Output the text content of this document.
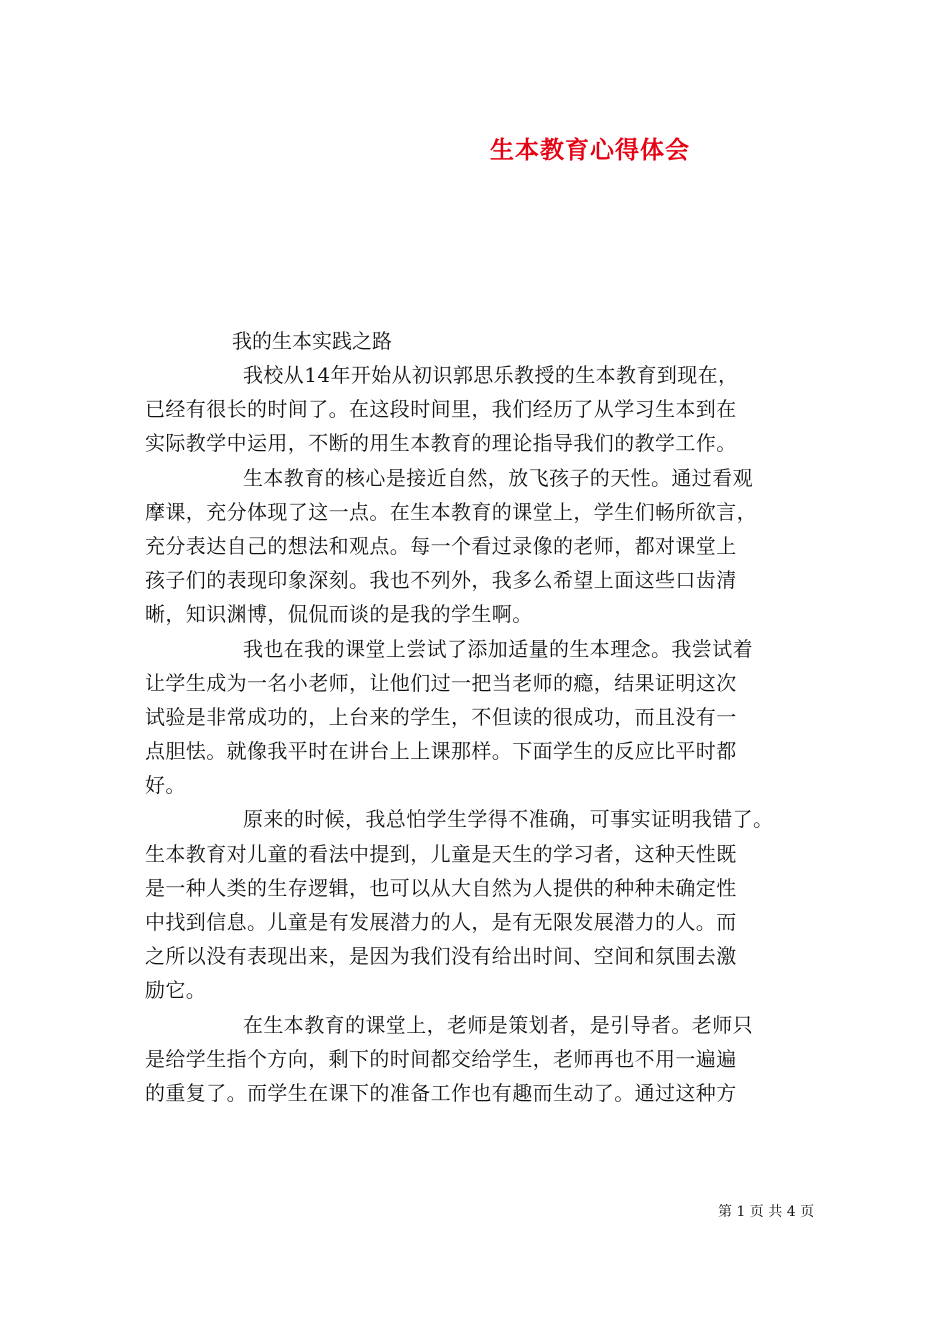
生本教育心得体会
我的生本实践之路
我校从14年开始从初识郭思乐教授的生本教育到现在，
已经有很长的时间了。在这段时间里，我们经历了从学习生本到在
实际教学中运用，不断的用生本教育的理论指导我们的教学工作。
生本教育的核心是接近自然，放飞孩子的天性。通过看观
摩课，充分体现了这一点。在生本教育的课堂上，学生们畅所欲言，
充分表达自己的想法和观点。每一个看过录像的老师，都对课堂上
孩子们的表现印象深刻。我也不列外，我多么希望上面这些口齿清
晰，知识渊博，侃侃而谈的是我的学生啊。
我也在我的课堂上尝试了添加适量的生本理念。我尝试着
让学生成为一名小老师，让他们过一把当老师的瘾，结果证明这次
试验是非常成功的，上台来的学生，不但读的很成功，而且没有一
点胆怯。就像我平时在讲台上上课那样。下面学生的反应比平时都
好。
原来的时候，我总怕学生学得不准确，可事实证明我错了。
生本教育对儿童的看法中提到，儿童是天生的学习者，这种天性既
是一种人类的生存逻辑，也可以从大自然为人提供的种种未确定性
中找到信息。儿童是有发展潜力的人，是有无限发展潜力的人。而
之所以没有表现出来，是因为我们没有给出时间、空间和氛围去激
励它。
在生本教育的课堂上，老师是策划者，是引导者。老师只
是给学生指个方向，剩下的时间都交给学生，老师再也不用一遍遍
的重复了。而学生在课下的准备工作也有趣而生动了。通过这种方
第 1 页 共 4 页
